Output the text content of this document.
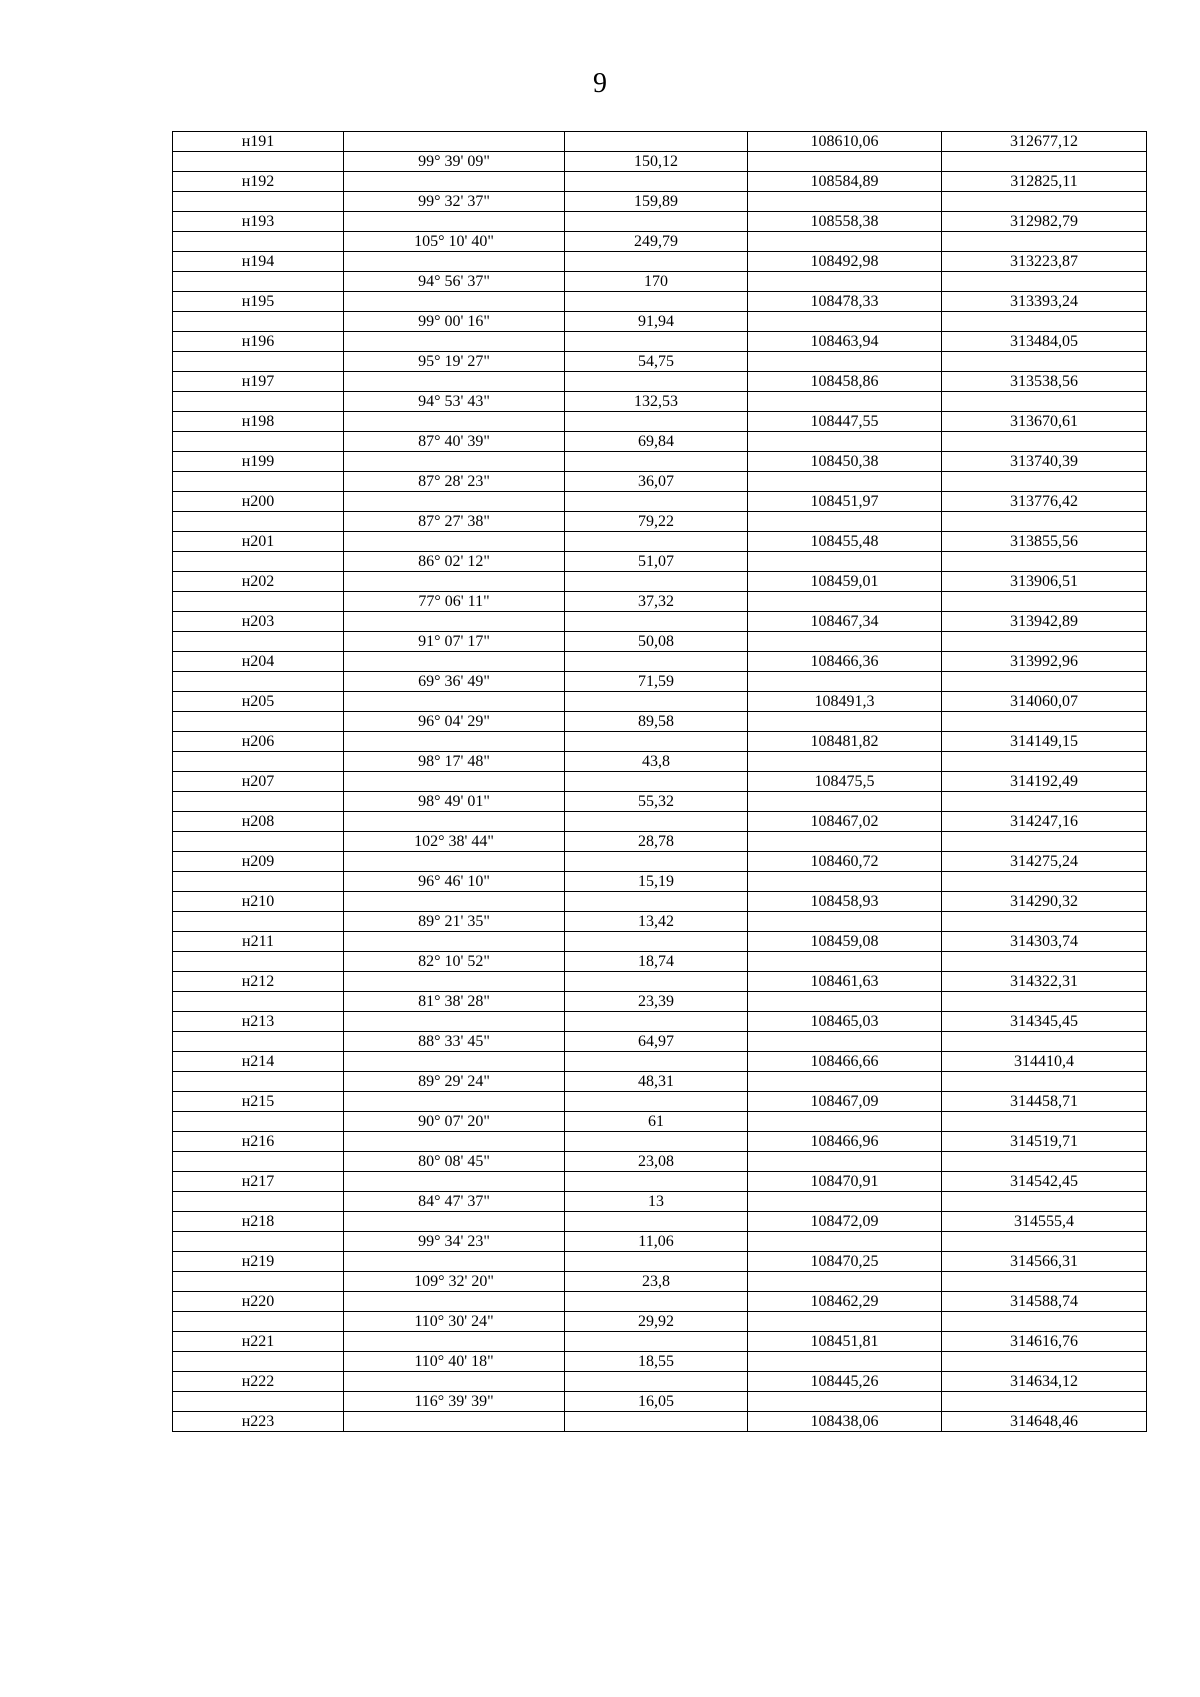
9
н191			108610,06	312677,12
	99° 39' 09"	150,12		
н192			108584,89	312825,11
	99° 32' 37"	159,89		
н193			108558,38	312982,79
	105° 10' 40"	249,79		
н194			108492,98	313223,87
	94° 56' 37"	170		
н195			108478,33	313393,24
	99° 00' 16"	91,94		
н196			108463,94	313484,05
	95° 19' 27"	54,75		
н197			108458,86	313538,56
	94° 53' 43"	132,53		
н198			108447,55	313670,61
	87° 40' 39"	69,84		
н199			108450,38	313740,39
	87° 28' 23"	36,07		
н200			108451,97	313776,42
	87° 27' 38"	79,22		
н201			108455,48	313855,56
	86° 02' 12"	51,07		
н202			108459,01	313906,51
	77° 06' 11"	37,32		
н203			108467,34	313942,89
	91° 07' 17"	50,08		
н204			108466,36	313992,96
	69° 36' 49"	71,59		
н205			108491,3	314060,07
	96° 04' 29"	89,58		
н206			108481,82	314149,15
	98° 17' 48"	43,8		
н207			108475,5	314192,49
	98° 49' 01"	55,32		
н208			108467,02	314247,16
	102° 38' 44"	28,78		
н209			108460,72	314275,24
	96° 46' 10"	15,19		
н210			108458,93	314290,32
	89° 21' 35"	13,42		
н211			108459,08	314303,74
	82° 10' 52"	18,74		
н212			108461,63	314322,31
	81° 38' 28"	23,39		
н213			108465,03	314345,45
	88° 33' 45"	64,97		
н214			108466,66	314410,4
	89° 29' 24"	48,31		
н215			108467,09	314458,71
	90° 07' 20"	61		
н216			108466,96	314519,71
	80° 08' 45"	23,08		
н217			108470,91	314542,45
	84° 47' 37"	13		
н218			108472,09	314555,4
	99° 34' 23"	11,06		
н219			108470,25	314566,31
	109° 32' 20"	23,8		
н220			108462,29	314588,74
	110° 30' 24"	29,92		
н221			108451,81	314616,76
	110° 40' 18"	18,55		
н222			108445,26	314634,12
	116° 39' 39"	16,05		
н223			108438,06	314648,46
